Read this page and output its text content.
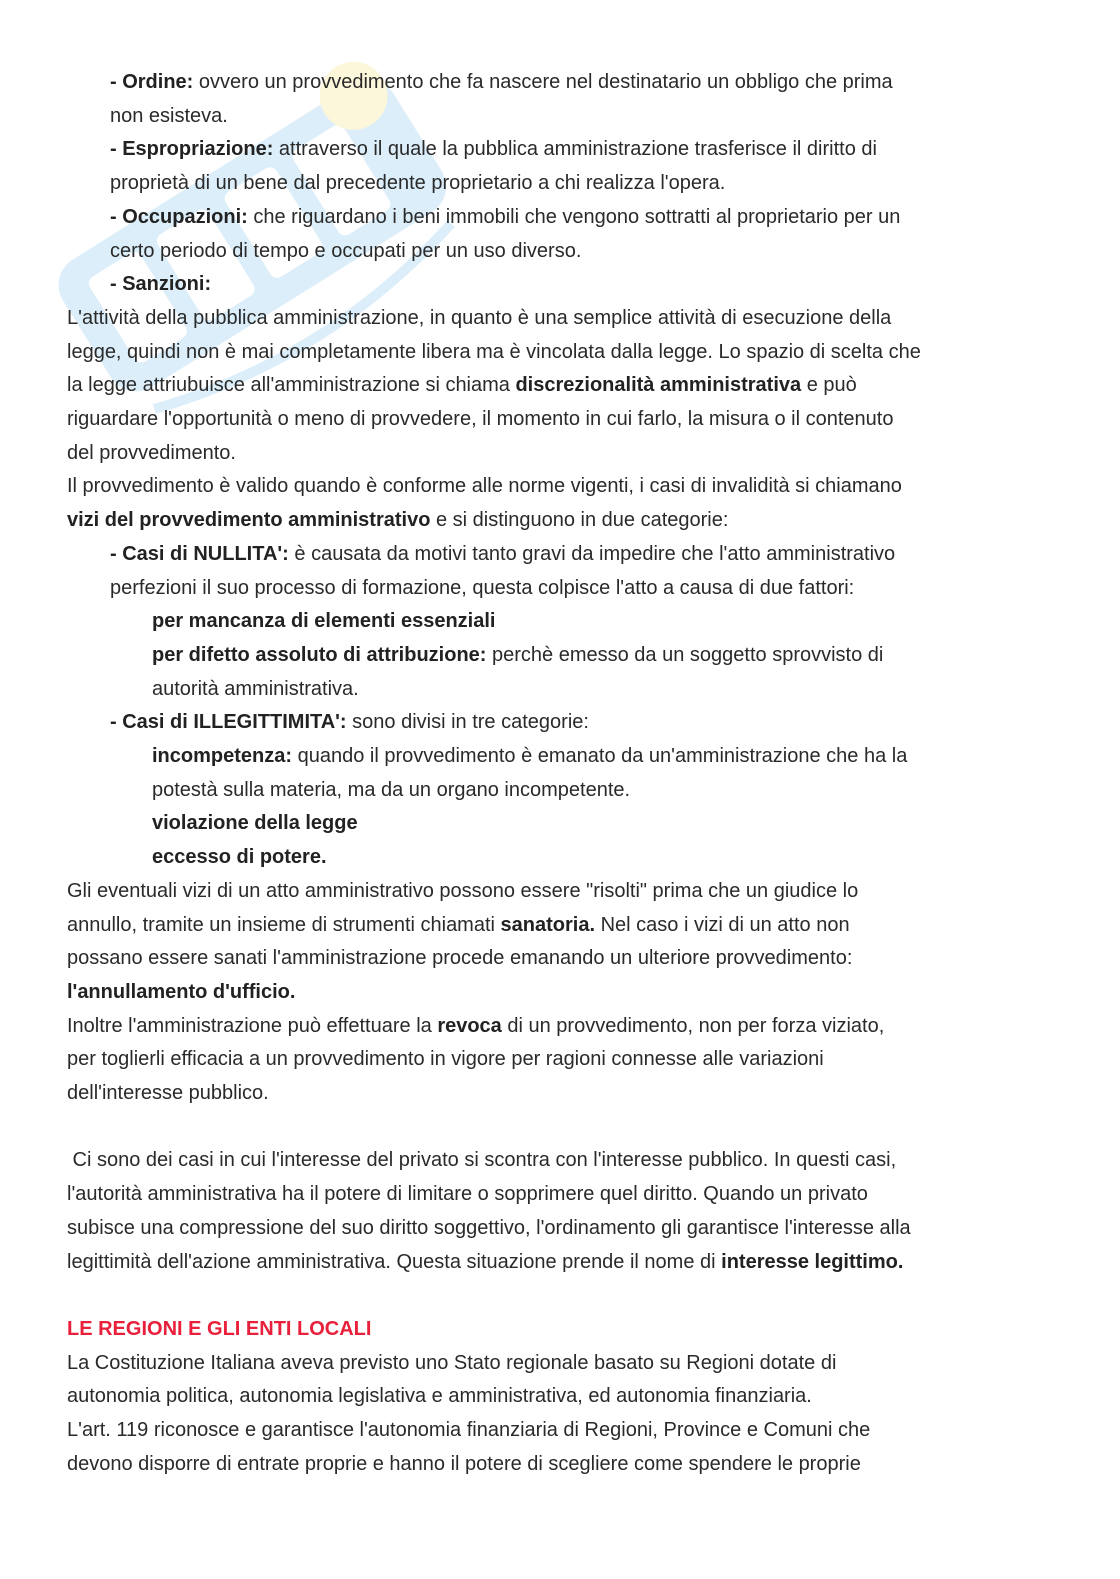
- Ordine: ovvero un provvedimento che fa nascere nel destinatario un obbligo che prima

non esisteva.

- Espropriazione: attraverso il quale la pubblica amministrazione trasferisce il diritto di

proprietà di un bene dal precedente proprietario a chi realizza l'opera.

- Occupazioni: che riguardano i beni immobili che vengono sottratti al proprietario per un

certo periodo di tempo e occupati per un uso diverso.

- Sanzioni:

L'attività della pubblica amministrazione, in quanto è una semplice attività di esecuzione della

legge, quindi non è mai completamente libera ma è vincolata dalla legge. Lo spazio di scelta che

la legge attriubuisce all'amministrazione si chiama discrezionalità amministrativa e può

riguardare l'opportunità o meno di provvedere, il momento in cui farlo, la misura o il contenuto

del provvedimento.

Il provvedimento è valido quando è conforme alle norme vigenti, i casi di invalidità si chiamano

vizi del provvedimento amministrativo e si distinguono in due categorie:

- Casi di NULLITA': è causata da motivi tanto gravi da impedire che l'atto amministrativo

perfezioni il suo processo di formazione, questa colpisce l'atto a causa di due fattori:

per mancanza di elementi essenziali

per difetto assoluto di attribuzione: perchè emesso da un soggetto sprovvisto di

autorità amministrativa.

- Casi di ILLEGITTIMITA': sono divisi in tre categorie:

incompetenza: quando il provvedimento è emanato da un'amministrazione che ha la

potestà sulla materia, ma da un organo incompetente.

violazione della legge

eccesso di potere.

Gli eventuali vizi di un atto amministrativo possono essere "risolti" prima che un giudice lo

annullo, tramite un insieme di strumenti chiamati sanatoria. Nel caso i vizi di un atto non

possano essere sanati l'amministrazione procede emanando un ulteriore provvedimento:

l'annullamento d'ufficio.

Inoltre l'amministrazione può effettuare la revoca di un provvedimento, non per forza viziato,

per toglierli efficacia a un provvedimento in vigore per ragioni connesse alle variazioni

dell'interesse pubblico.

Ci sono dei casi in cui l'interesse del privato si scontra con l'interesse pubblico. In questi casi,

l'autorità amministrativa ha il potere di limitare o sopprimere quel diritto. Quando un privato

subisce una compressione del suo diritto soggettivo, l'ordinamento gli garantisce l'interesse alla

legittimità dell'azione amministrativa. Questa situazione prende il nome di interesse legittimo.

LE REGIONI E GLI ENTI LOCALI

La Costituzione Italiana aveva previsto uno Stato regionale basato su Regioni dotate di

autonomia politica, autonomia legislativa e amministrativa, ed autonomia finanziaria.

L'art. 119 riconosce e garantisce l'autonomia finanziaria di Regioni, Province e Comuni che

devono disporre di entrate proprie e hanno il potere di scegliere come spendere le proprie
